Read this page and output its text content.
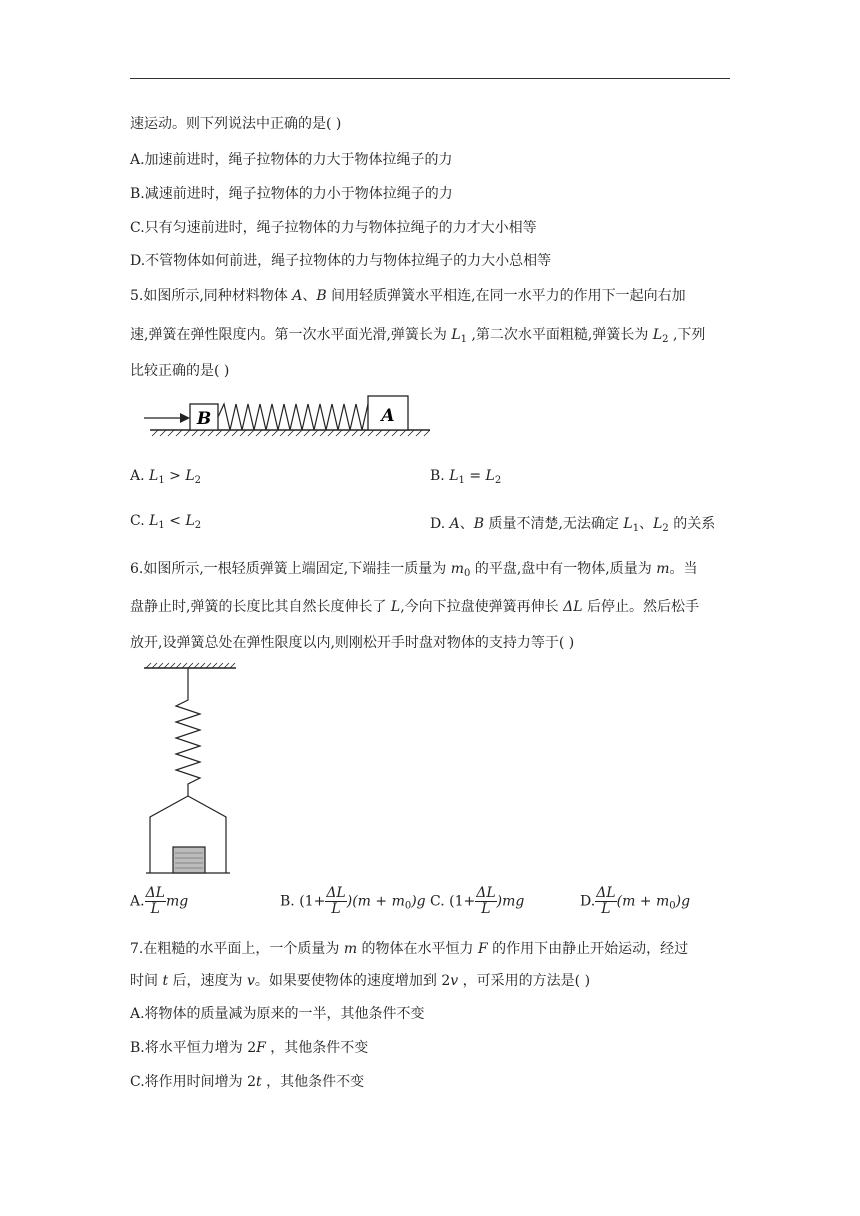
速运动。则下列说法中正确的是( )
A.加速前进时，绳子拉物体的力大于物体拉绳子的力
B.减速前进时，绳子拉物体的力小于物体拉绳子的力
C.只有匀速前进时，绳子拉物体的力与物体拉绳子的力才大小相等
D.不管物体如何前进，绳子拉物体的力与物体拉绳子的力大小总相等
5.如图所示,同种材料物体 A、B 间用轻质弹簧水平相连,在同一水平力的作用下一起向右加
速,弹簧在弹性限度内。第一次水平面光滑,弹簧长为 $L_1$ ,第二次水平面粗糙,弹簧长为 $L_2$ ,下列
比较正确的是( )
B	A
A. $L_1 > L_2$	B. $L_1 = L_2$
C. $L_1 < L_2$	D. A、B 质量不清楚,无法确定 $L_1$、$L_2$ 的关系
6.如图所示,一根轻质弹簧上端固定,下端挂一质量为 $m_0$ 的平盘,盘中有一物体,质量为 m。当
盘静止时,弹簧的长度比其自然长度伸长了 L,今向下拉盘使弹簧再伸长 ΔL 后停止。然后松手
放开,设弹簧总处在弹性限度以内,则刚松开手时盘对物体的支持力等于( )
A. $\frac{\Delta L}{L}$ mg	B. $(1+ \frac{\Delta L}{L} )(m + m_0)g$ C. $(1+ \frac{\Delta L}{L} )mg$	D. $\frac{\Delta L}{L} (m + m_0)g$
7.在粗糙的水平面上，一个质量为 m 的物体在水平恒力 F 的作用下由静止开始运动，经过
时间 t 后，速度为 v。如果要使物体的速度增加到 2v ，可采用的方法是( )
A.将物体的质量减为原来的一半，其他条件不变
B.将水平恒力增为 2F ，其他条件不变
C.将作用时间增为 2t ，其他条件不变
